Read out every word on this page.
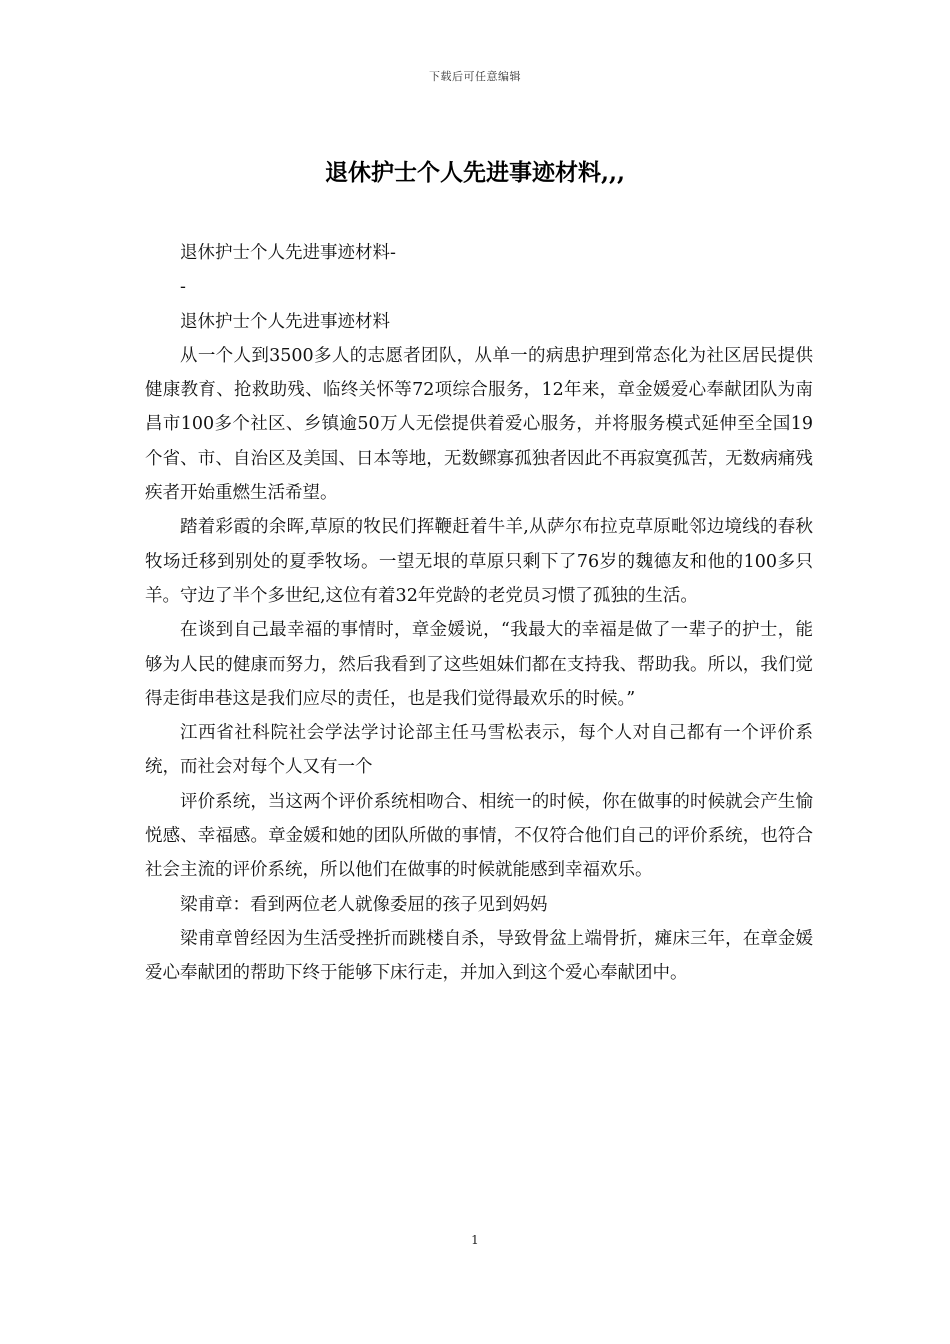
下载后可任意编辑
退休护士个人先进事迹材料,,,

退休护士个人先进事迹材料-

-

退休护士个人先进事迹材料

从一个人到3500多人的志愿者团队，从单一的病患护理到常态化为社区居民提供健康教育、抢救助残、临终关怀等72项综合服务，12年来，章金媛爱心奉献团队为南昌市100多个社区、乡镇逾50万人无偿提供着爱心服务，并将服务模式延伸至全国19个省、市、自治区及美国、日本等地，无数鳏寡孤独者因此不再寂寞孤苦，无数病痛残疾者开始重燃生活希望。

踏着彩霞的余晖,草原的牧民们挥鞭赶着牛羊,从萨尔布拉克草原毗邻边境线的春秋牧场迁移到别处的夏季牧场。一望无垠的草原只剩下了76岁的魏德友和他的100多只羊。守边了半个多世纪,这位有着32年党龄的老党员习惯了孤独的生活。

在谈到自己最幸福的事情时，章金媛说，“我最大的幸福是做了一辈子的护士，能够为人民的健康而努力，然后我看到了这些姐妹们都在支持我、帮助我。所以，我们觉得走街串巷这是我们应尽的责任，也是我们觉得最欢乐的时候。”

江西省社科院社会学法学讨论部主任马雪松表示，每个人对自己都有一个评价系统，而社会对每个人又有一个

评价系统，当这两个评价系统相吻合、相统一的时候，你在做事的时候就会产生愉悦感、幸福感。章金媛和她的团队所做的事情，不仅符合他们自己的评价系统，也符合社会主流的评价系统，所以他们在做事的时候就能感到幸福欢乐。

梁甫章：看到两位老人就像委屈的孩子见到妈妈

梁甫章曾经因为生活受挫折而跳楼自杀，导致骨盆上端骨折，瘫床三年，在章金媛爱心奉献团的帮助下终于能够下床行走，并加入到这个爱心奉献团中。

1
